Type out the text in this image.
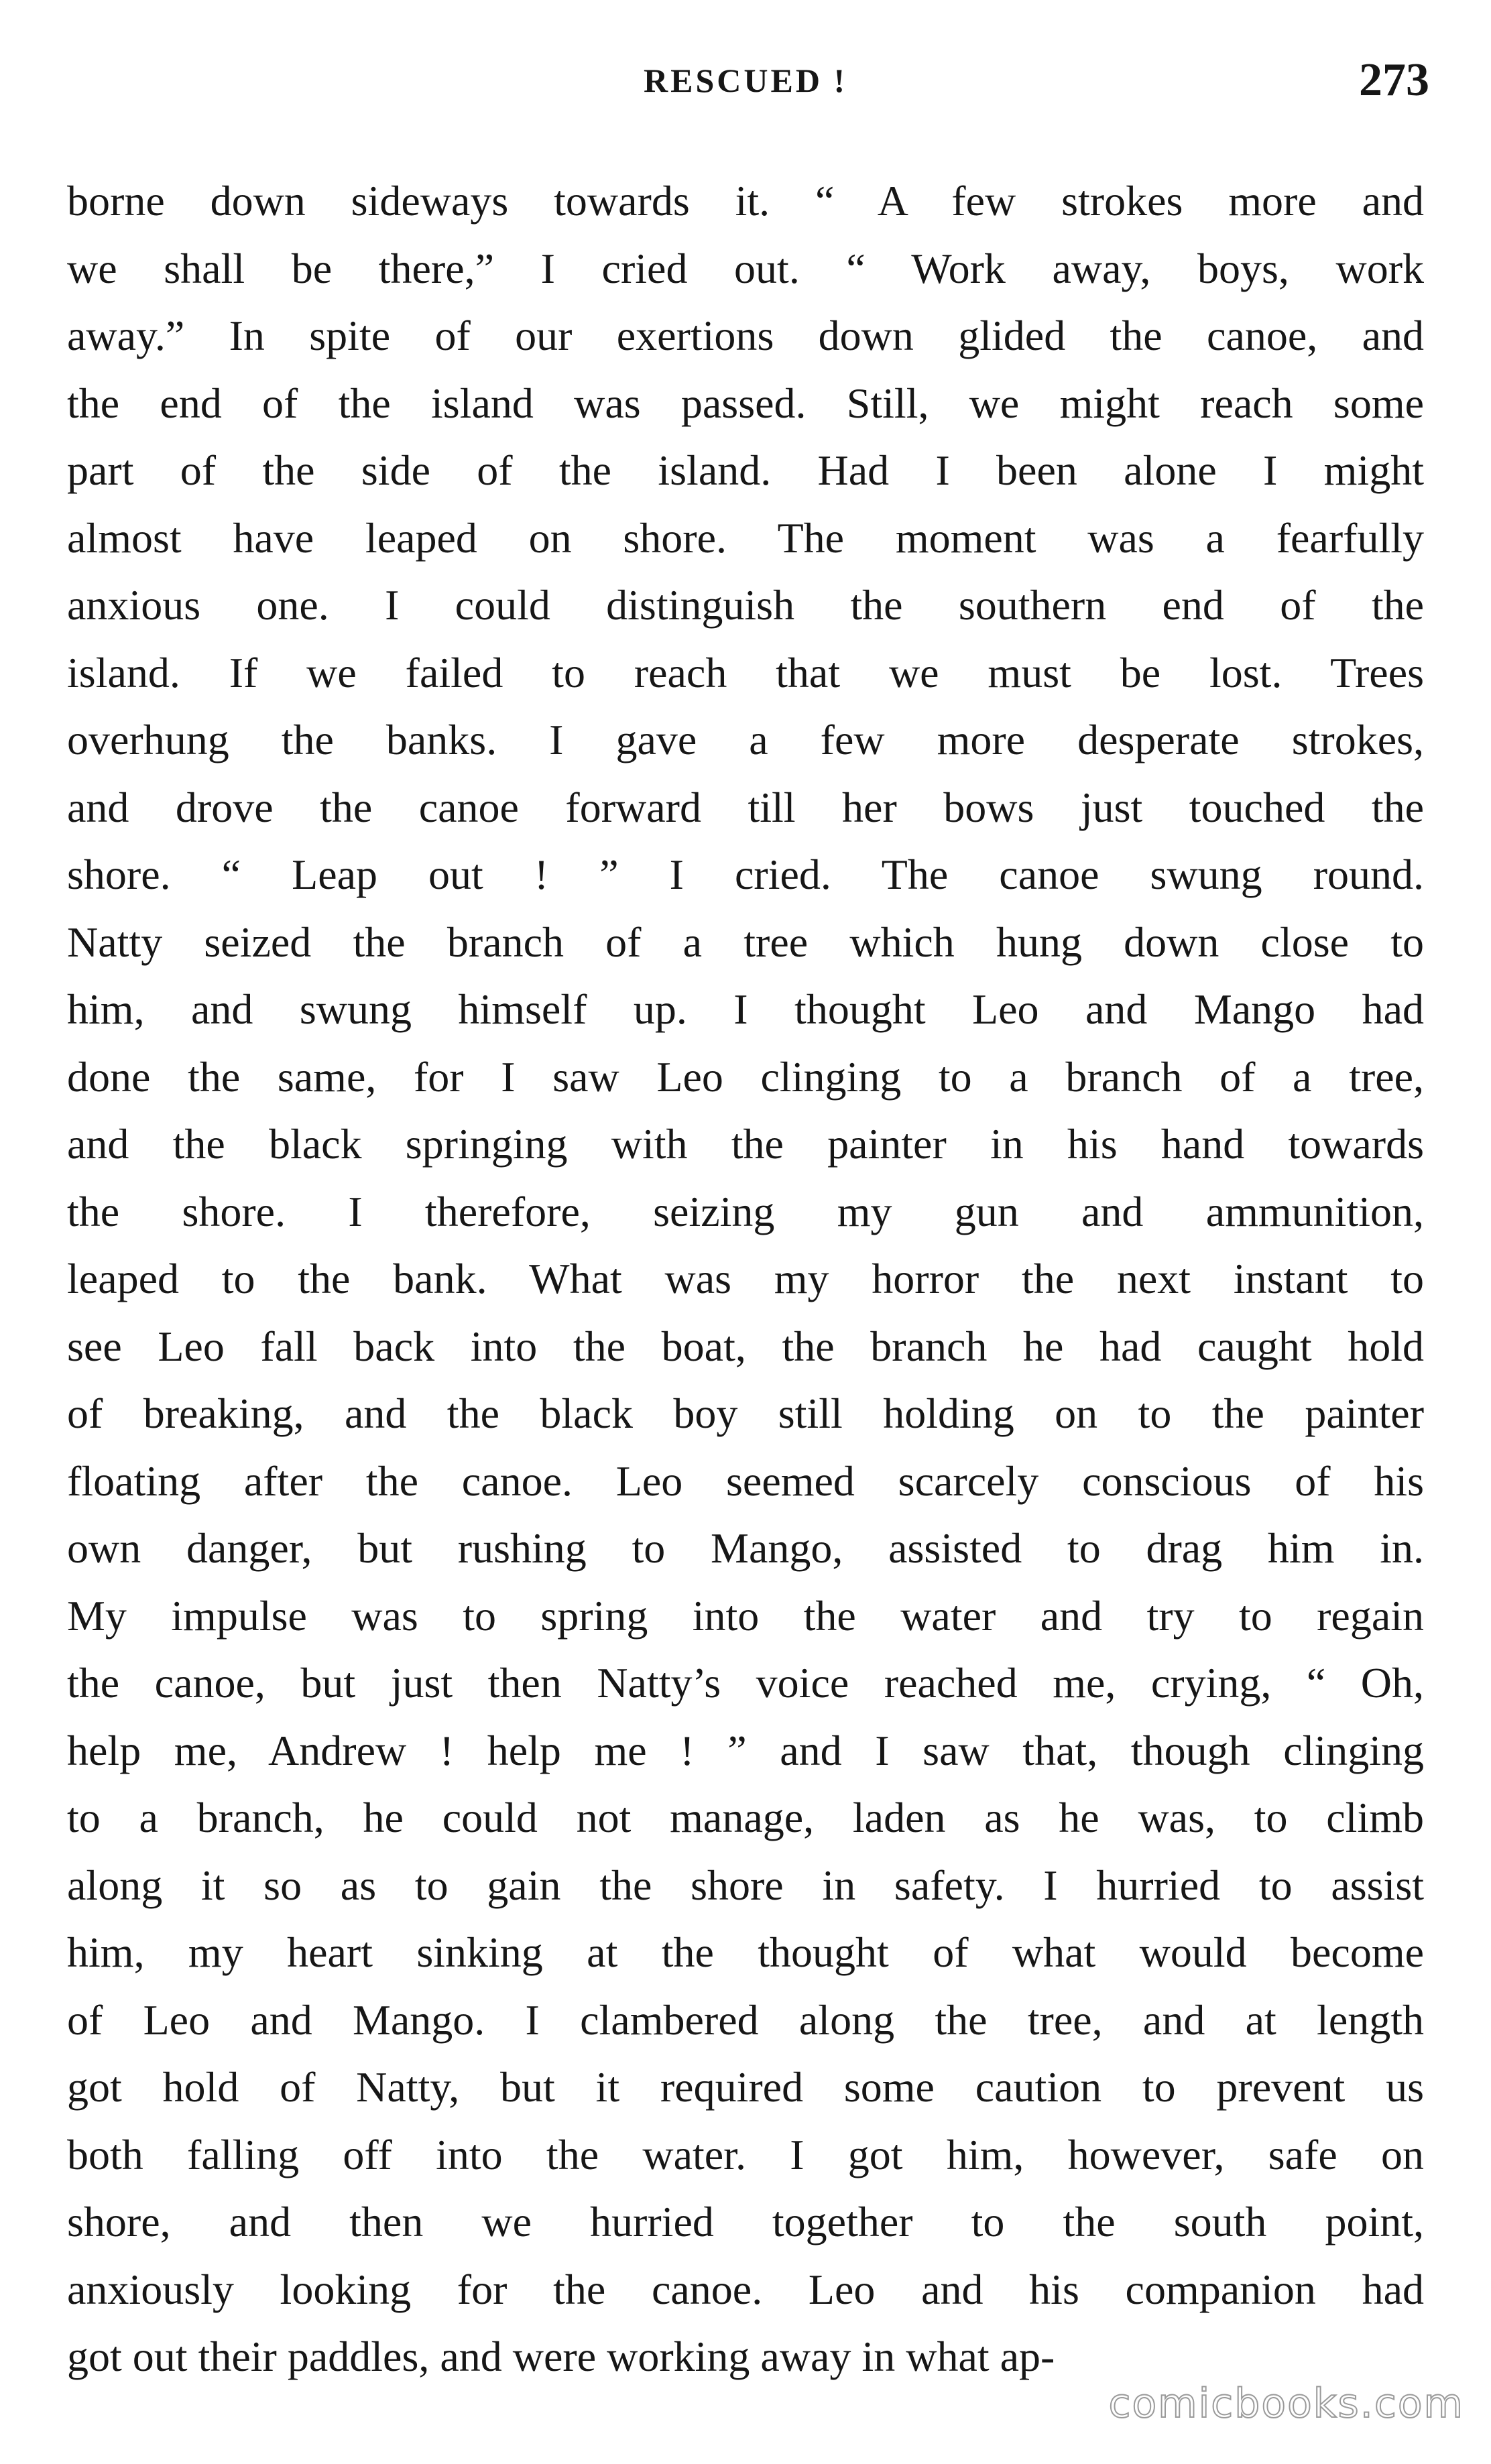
RESCUED !	273
borne down sideways towards it. “ A few strokes more and
we shall be there,” I cried out. “ Work away, boys, work
away.” In spite of our exertions down glided the canoe, and
the end of the island was passed. Still, we might reach some
part of the side of the island. Had I been alone I might
almost have leaped on shore. The moment was a fearfully
anxious one. I could distinguish the southern end of the
island. If we failed to reach that we must be lost. Trees
overhung the banks. I gave a few more desperate strokes,
and drove the canoe forward till her bows just touched the
shore. “ Leap out ! ” I cried. The canoe swung round.
Natty seized the branch of a tree which hung down close to
him, and swung himself up. I thought Leo and Mango had
done the same, for I saw Leo clinging to a branch of a tree,
and the black springing with the painter in his hand towards
the shore. I therefore, seizing my gun and ammunition,
leaped to the bank. What was my horror the next instant to
see Leo fall back into the boat, the branch he had caught hold
of breaking, and the black boy still holding on to the painter
floating after the canoe. Leo seemed scarcely conscious of his
own danger, but rushing to Mango, assisted to drag him in.
My impulse was to spring into the water and try to regain
the canoe, but just then Natty’s voice reached me, crying, “ Oh,
help me, Andrew ! help me ! ” and I saw that, though clinging
to a branch, he could not manage, laden as he was, to climb
along it so as to gain the shore in safety. I hurried to assist
him, my heart sinking at the thought of what would become
of Leo and Mango. I clambered along the tree, and at length
got hold of Natty, but it required some caution to prevent us
both falling off into the water. I got him, however, safe on
shore, and then we hurried together to the south point,
anxiously looking for the canoe. Leo and his companion had
got out their paddles, and were working away in what ap-
comicbooks.com
